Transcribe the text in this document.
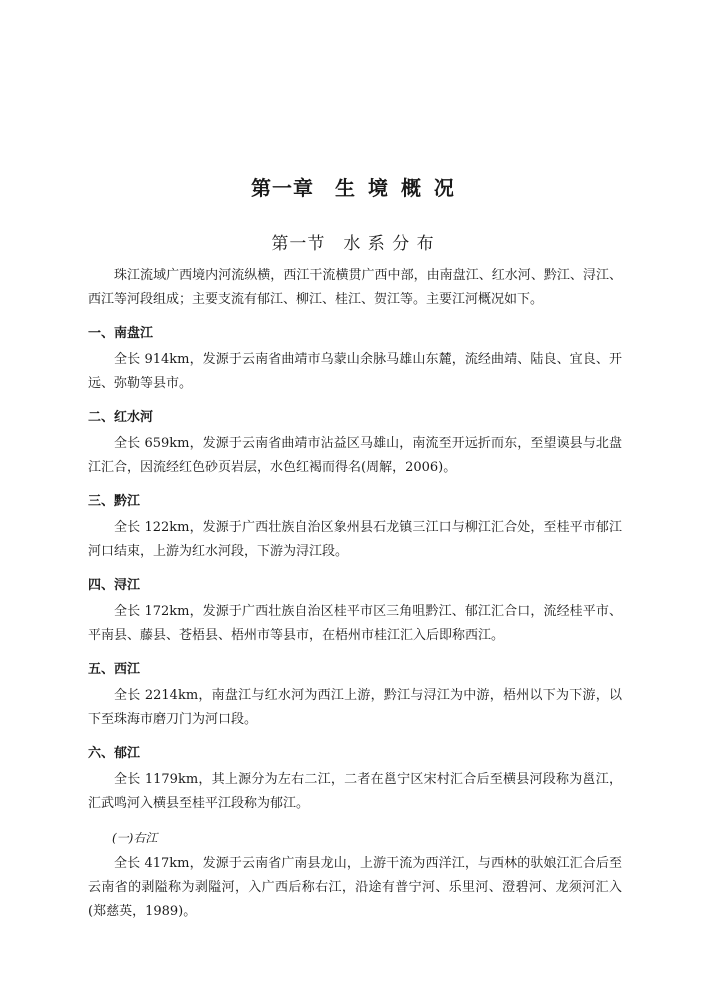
第一章　生 境 概 况
第一节　水 系 分 布

珠江流域广西境内河流纵横，西江干流横贯广西中部，由南盘江、红水河、黔江、浔江、西江等河段组成；主要支流有郁江、柳江、桂江、贺江等。主要江河概况如下。

一、南盘江

全长 914km，发源于云南省曲靖市乌蒙山余脉马雄山东麓，流经曲靖、陆良、宜良、开远、弥勒等县市。

二、红水河

全长 659km，发源于云南省曲靖市沾益区马雄山，南流至开远折而东，至望谟县与北盘江汇合，因流经红色砂页岩层，水色红褐而得名(周解，2006)。

三、黔江

全长 122km，发源于广西壮族自治区象州县石龙镇三江口与柳江汇合处，至桂平市郁江河口结束，上游为红水河段，下游为浔江段。

四、浔江

全长 172km，发源于广西壮族自治区桂平市区三角咀黔江、郁江汇合口，流经桂平市、平南县、藤县、苍梧县、梧州市等县市，在梧州市桂江汇入后即称西江。

五、西江

全长 2214km，南盘江与红水河为西江上游，黔江与浔江为中游，梧州以下为下游，以下至珠海市磨刀门为河口段。

六、郁江

全长 1179km，其上源分为左右二江，二者在邕宁区宋村汇合后至横县河段称为邕江，汇武鸣河入横县至桂平江段称为郁江。

(一)右江

全长 417km，发源于云南省广南县龙山，上游干流为西洋江，与西林的驮娘江汇合后至云南省的剥隘称为剥隘河，入广西后称右江，沿途有普宁河、乐里河、澄碧河、龙须河汇入(郑慈英，1989)。
